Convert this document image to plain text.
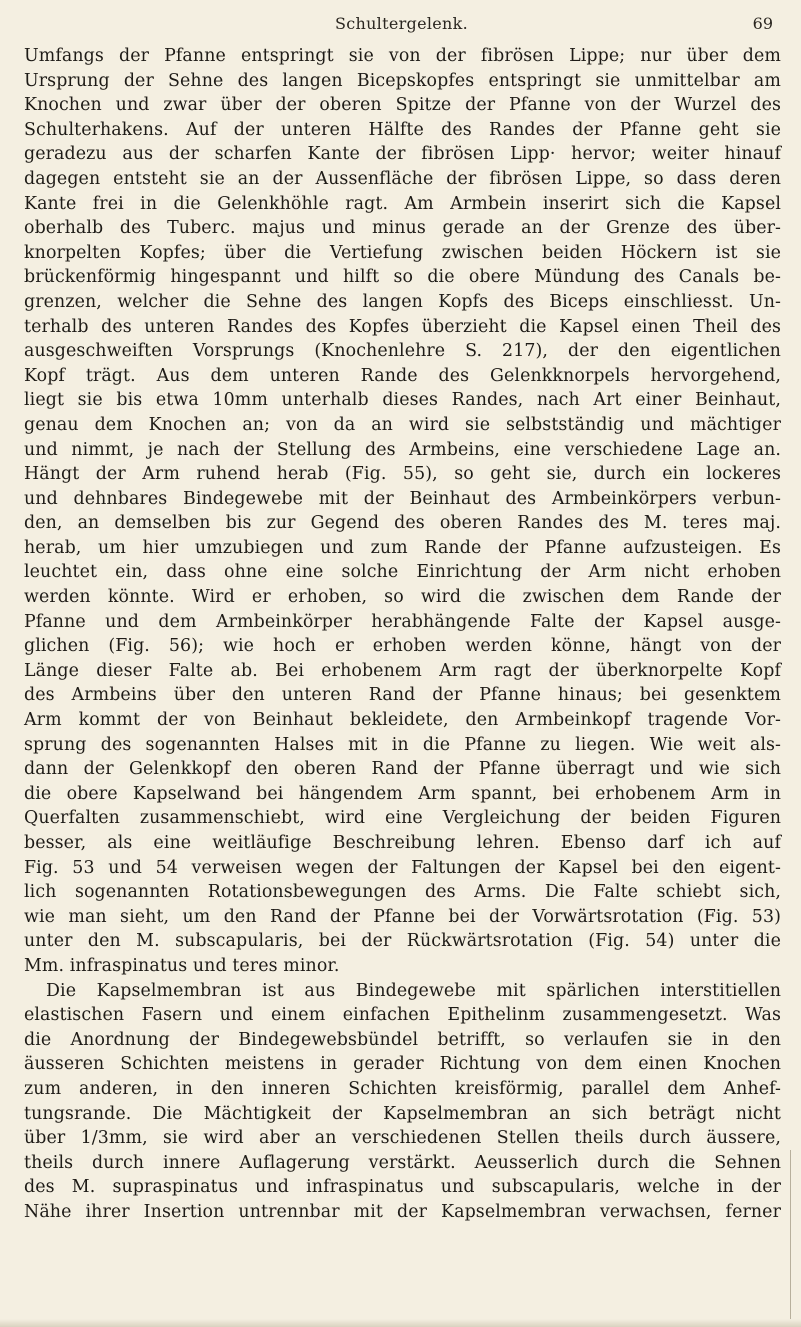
Schultergelenk.	69
Umfangs der Pfanne entspringt sie von der fibrösen Lippe; nur über dem
Ursprung der Sehne des langen Bicepskopfes entspringt sie unmittelbar am
Knochen und zwar über der oberen Spitze der Pfanne von der Wurzel des
Schulterhakens. Auf der unteren Hälfte des Randes der Pfanne geht sie
geradezu aus der scharfen Kante der fibrösen Lipp· hervor; weiter hinauf
dagegen entsteht sie an der Aussenfläche der fibrösen Lippe, so dass deren
Kante frei in die Gelenkhöhle ragt. Am Armbein inserirt sich die Kapsel
oberhalb des Tuberc. majus und minus gerade an der Grenze des über-
knorpelten Kopfes; über die Vertiefung zwischen beiden Höckern ist sie
brückenförmig hingespannt und hilft so die obere Mündung des Canals be-
grenzen, welcher die Sehne des langen Kopfs des Biceps einschliesst. Un-
terhalb des unteren Randes des Kopfes überzieht die Kapsel einen Theil des
ausgeschweiften Vorsprungs (Knochenlehre S. 217), der den eigentlichen
Kopf trägt. Aus dem unteren Rande des Gelenkknorpels hervorgehend,
liegt sie bis etwa 10mm unterhalb dieses Randes, nach Art einer Beinhaut,
genau dem Knochen an; von da an wird sie selbstständig und mächtiger
und nimmt, je nach der Stellung des Armbeins, eine verschiedene Lage an.
Hängt der Arm ruhend herab (Fig. 55), so geht sie, durch ein lockeres
und dehnbares Bindegewebe mit der Beinhaut des Armbeinkörpers verbun-
den, an demselben bis zur Gegend des oberen Randes des M. teres maj.
herab, um hier umzubiegen und zum Rande der Pfanne aufzusteigen. Es
leuchtet ein, dass ohne eine solche Einrichtung der Arm nicht erhoben
werden könnte. Wird er erhoben, so wird die zwischen dem Rande der
Pfanne und dem Armbeinkörper herabhängende Falte der Kapsel ausge-
glichen (Fig. 56); wie hoch er erhoben werden könne, hängt von der
Länge dieser Falte ab. Bei erhobenem Arm ragt der überknorpelte Kopf
des Armbeins über den unteren Rand der Pfanne hinaus; bei gesenktem
Arm kommt der von Beinhaut bekleidete, den Armbeinkopf tragende Vor-
sprung des sogenannten Halses mit in die Pfanne zu liegen. Wie weit als-
dann der Gelenkkopf den oberen Rand der Pfanne überragt und wie sich
die obere Kapselwand bei hängendem Arm spannt, bei erhobenem Arm in
Querfalten zusammenschiebt, wird eine Vergleichung der beiden Figuren
besser, als eine weitläufige Beschreibung lehren. Ebenso darf ich auf
Fig. 53 und 54 verweisen wegen der Faltungen der Kapsel bei den eigent-
lich sogenannten Rotationsbewegungen des Arms. Die Falte schiebt sich,
wie man sieht, um den Rand der Pfanne bei der Vorwärtsrotation (Fig. 53)
unter den M. subscapularis, bei der Rückwärtsrotation (Fig. 54) unter die
Mm. infraspinatus und teres minor.
Die Kapselmembran ist aus Bindegewebe mit spärlichen interstitiellen
elastischen Fasern und einem einfachen Epithelinm zusammengesetzt. Was
die Anordnung der Bindegewebsbündel betrifft, so verlaufen sie in den
äusseren Schichten meistens in gerader Richtung von dem einen Knochen
zum anderen, in den inneren Schichten kreisförmig, parallel dem Anhef-
tungsrande. Die Mächtigkeit der Kapselmembran an sich beträgt nicht
über 1/3mm, sie wird aber an verschiedenen Stellen theils durch äussere,
theils durch innere Auflagerung verstärkt. Aeusserlich durch die Sehnen
des M. supraspinatus und infraspinatus und subscapularis, welche in der
Nähe ihrer Insertion untrennbar mit der Kapselmembran verwachsen, ferner
